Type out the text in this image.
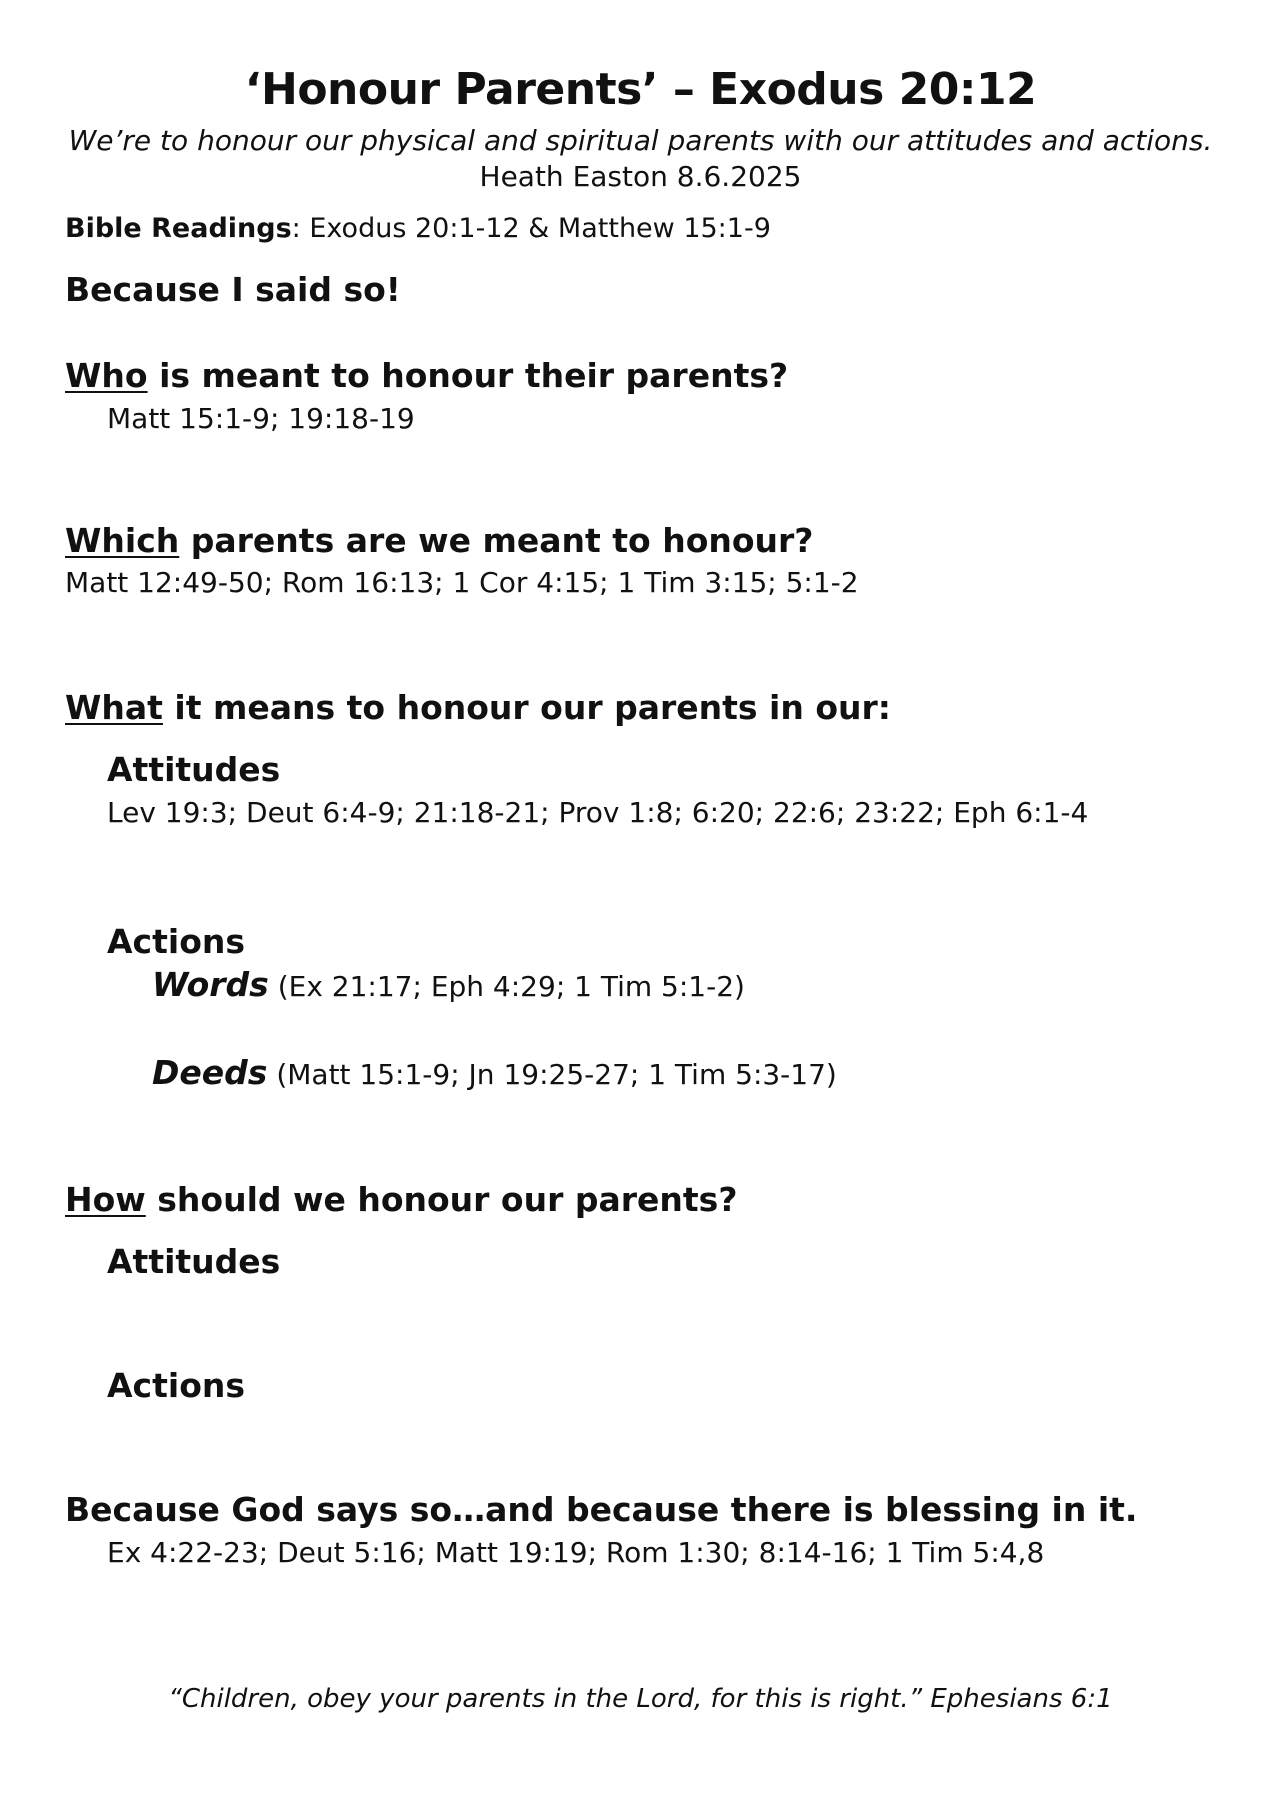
‘Honour Parents’ – Exodus 20:12
We’re to honour our physical and spiritual parents with our attitudes and actions.
Heath Easton 8.6.2025
Bible Readings: Exodus 20:1-12 & Matthew 15:1-9
Because I said so!
Who is meant to honour their parents?
Matt 15:1-9; 19:18-19
Which parents are we meant to honour?
Matt 12:49-50; Rom 16:13; 1 Cor 4:15; 1 Tim 3:15; 5:1-2
What it means to honour our parents in our:
Attitudes
Lev 19:3; Deut 6:4-9; 21:18-21; Prov 1:8; 6:20; 22:6; 23:22; Eph 6:1-4
Actions
Words (Ex 21:17; Eph 4:29; 1 Tim 5:1-2)
Deeds (Matt 15:1-9; Jn 19:25-27; 1 Tim 5:3-17)
How should we honour our parents?
Attitudes
Actions
Because God says so…and because there is blessing in it.
Ex 4:22-23; Deut 5:16; Matt 19:19; Rom 1:30; 8:14-16; 1 Tim 5:4,8
“Children, obey your parents in the Lord, for this is right.” Ephesians 6:1
